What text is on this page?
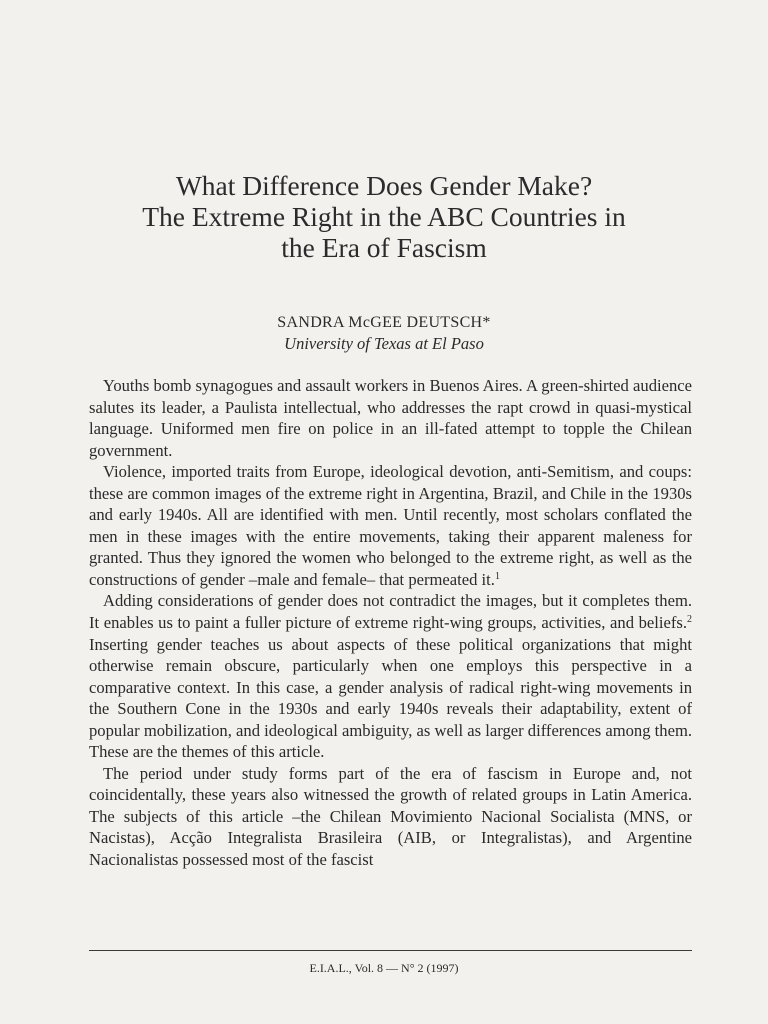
What Difference Does Gender Make?
The Extreme Right in the ABC Countries in
the Era of Fascism
SANDRA McGEE DEUTSCH*
University of Texas at El Paso

Youths bomb synagogues and assault workers in Buenos Aires. A green-shirted audience salutes its leader, a Paulista intellectual, who addresses the rapt crowd in quasi-mystical language. Uniformed men fire on police in an ill-fated attempt to topple the Chilean government.

Violence, imported traits from Europe, ideological devotion, anti-Semitism, and coups: these are common images of the extreme right in Argentina, Brazil, and Chile in the 1930s and early 1940s. All are identified with men. Until recently, most scholars conflated the men in these images with the entire movements, taking their apparent maleness for granted. Thus they ignored the women who belonged to the extreme right, as well as the constructions of gender –male and female– that permeated it.$^1$

Adding considerations of gender does not contradict the images, but it completes them. It enables us to paint a fuller picture of extreme right-wing groups, activities, and beliefs.$^2$ Inserting gender teaches us about aspects of these political organizations that might otherwise remain obscure, particularly when one employs this perspective in a comparative context. In this case, a gender analysis of radical right-wing movements in the Southern Cone in the 1930s and early 1940s reveals their adaptability, extent of popular mobilization, and ideological ambiguity, as well as larger differences among them. These are the themes of this article.

The period under study forms part of the era of fascism in Europe and, not coincidentally, these years also witnessed the growth of related groups in Latin America. The subjects of this article –the Chilean Movimiento Nacional Socialista (MNS, or Nacistas), Acção Integralista Brasileira (AIB, or Integralistas), and Argentine Nacionalistas possessed most of the fascist

E.I.A.L., Vol. 8 — N° 2 (1997)
